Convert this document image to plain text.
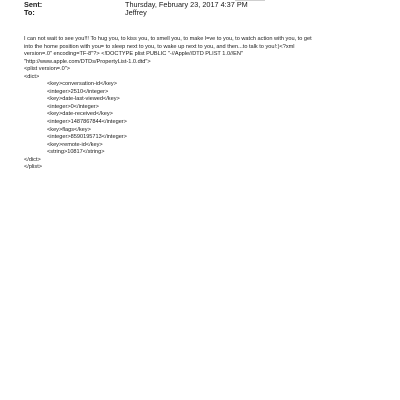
Sent:	Thursday, February 23, 2017 4:37 PM
To:	Jeffrey
I can not wait to see you!!! To hug you, to kiss you, to smell you, to make l=ve to you, to watch action with you, to get
into the home position with you= to sleep next to you, to wake up next to you, and then...to talk to you!:)<?xml
version=.0" encoding=TF-8"?> <!DOCTYPE plist PUBLIC "-//Apple//DTD PLIST 1.0//EN"
"http://www.apple.com/DTDs/PropertyList-1.0.dtd">
<plist version=.0">
<dict>
<key>conversation-id</key>
<integer>2510</integer>
<key>date-last-viewed</key>
<integer>0</integer>
<key>date-received</key>
<integer>1487867844</integer>
<key>flags</key>
<integer>8590195713</integer>
<key>remote-id</key>
<string>10817</string>
</dict>
</plist>
